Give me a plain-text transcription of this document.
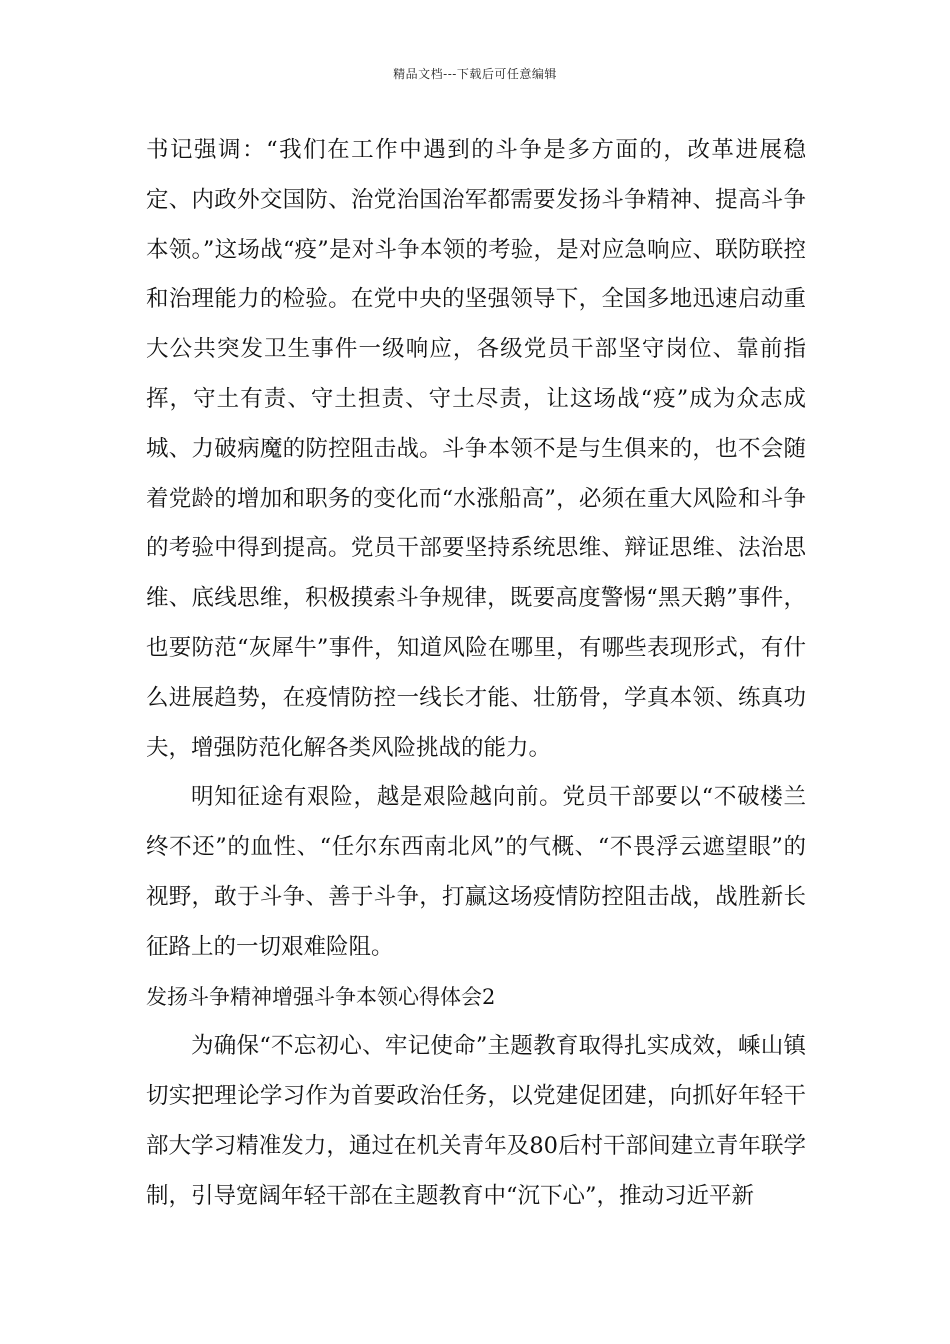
精品文档---下载后可任意编辑

书记强调：“我们在工作中遇到的斗争是多方面的，改革进展稳定、内政外交国防、治党治国治军都需要发扬斗争精神、提高斗争本领。”这场战“疫”是对斗争本领的考验，是对应急响应、联防联控和治理能力的检验。在党中央的坚强领导下，全国多地迅速启动重大公共突发卫生事件一级响应，各级党员干部坚守岗位、靠前指挥，守土有责、守土担责、守土尽责，让这场战“疫”成为众志成城、力破病魔的防控阻击战。斗争本领不是与生俱来的，也不会随着党龄的增加和职务的变化而“水涨船高”，必须在重大风险和斗争的考验中得到提高。党员干部要坚持系统思维、辩证思维、法治思维、底线思维，积极摸索斗争规律，既要高度警惕“黑天鹅”事件，也要防范“灰犀牛”事件，知道风险在哪里，有哪些表现形式，有什么进展趋势，在疫情防控一线长才能、壮筋骨，学真本领、练真功夫，增强防范化解各类风险挑战的能力。

明知征途有艰险，越是艰险越向前。党员干部要以“不破楼兰终不还”的血性、“任尔东西南北风”的气概、“不畏浮云遮望眼”的视野，敢于斗争、善于斗争，打赢这场疫情防控阻击战，战胜新长征路上的一切艰难险阻。

发扬斗争精神增强斗争本领心得体会2

为确保“不忘初心、牢记使命”主题教育取得扎实成效，嵊山镇切实把理论学习作为首要政治任务，以党建促团建，向抓好年轻干部大学习精准发力，通过在机关青年及80后村干部间建立青年联学制，引导宽阔年轻干部在主题教育中“沉下心”，推动习近平新
